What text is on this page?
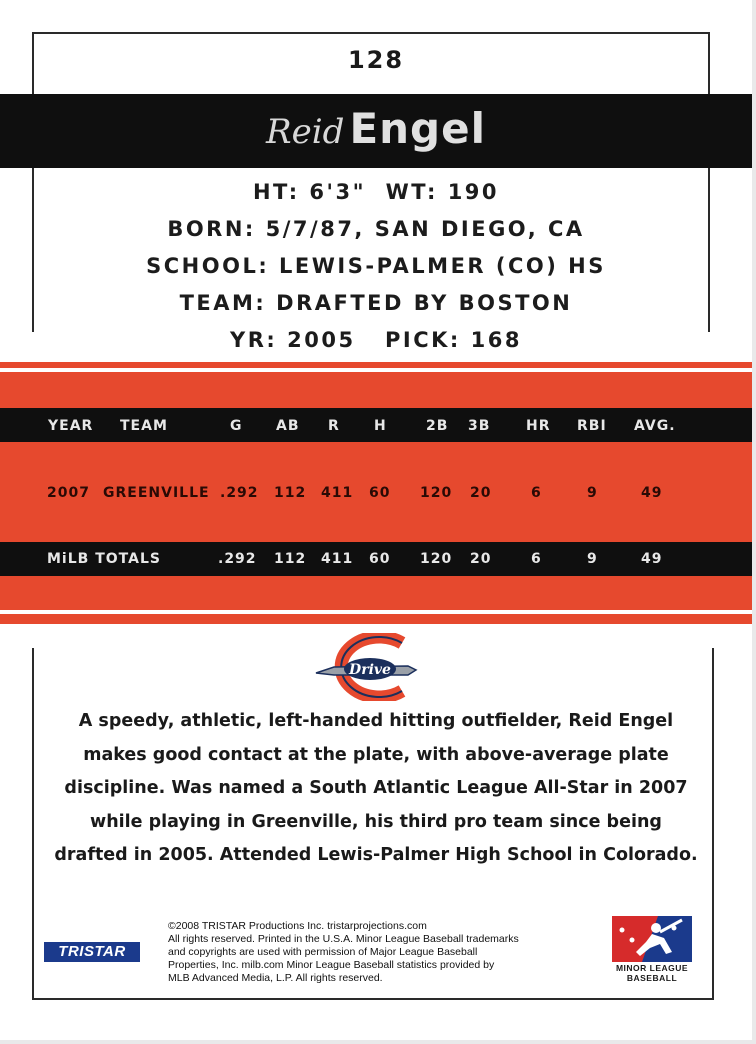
128
Reid Engel
HT: 6'3"  WT: 190
BORN: 5/7/87, SAN DIEGO, CA
SCHOOL: LEWIS-PALMER (CO) HS
TEAM: DRAFTED BY BOSTON
YR: 2005   PICK: 168
YEAR TEAM	G AB R H	2B 3B	HR RBI AVG.
2007 GREENVILLE .292 112 411 60 120 20	6	9	49
MiLB TOTALS	.292 112 411 60 120 20	6	9	49
Drive
A speedy, athletic, left-handed hitting outfielder, Reid Engel
makes good contact at the plate, with above-average plate
discipline. Was named a South Atlantic League All-Star in 2007
while playing in Greenville, his third pro team since being
drafted in 2005. Attended Lewis-Palmer High School in Colorado.
TRISTAR
©2008 TRISTAR Productions Inc. tristarprojections.com
All rights reserved. Printed in the U.S.A. Minor League Baseball trademarks
and copyrights are used with permission of Major League Baseball
Properties, Inc. milb.com Minor League Baseball statistics provided by
MLB Advanced Media, L.P. All rights reserved.
MINOR LEAGUE
BASEBALL
